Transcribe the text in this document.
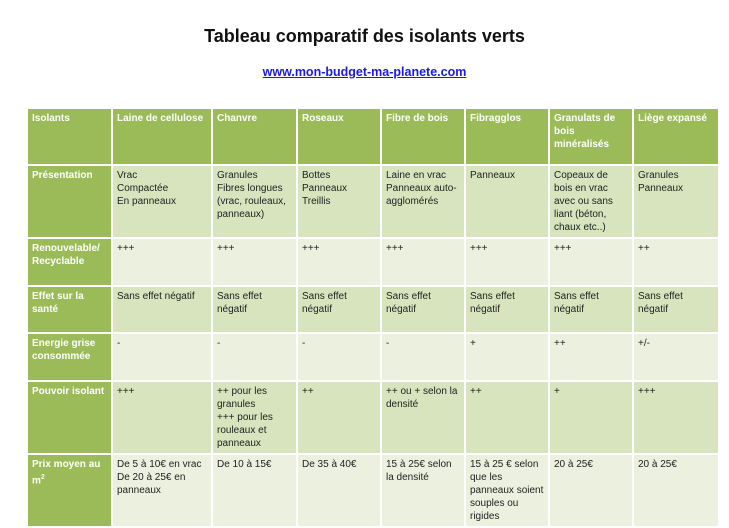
Tableau comparatif des isolants verts
www.mon-budget-ma-planete.com
Isolants	Laine de cellulose	Chanvre	Roseaux	Fibre de bois	Fibragglos	Granulats de bois minéralisés	Liège expansé
Présentation	Vrac
Compactée
En panneaux	Granules
Fibres longues (vrac, rouleaux, panneaux)	Bottes
Panneaux
Treillis	Laine en vrac
Panneaux auto-agglomérés	Panneaux	Copeaux de bois en vrac avec ou sans liant (béton, chaux etc..)	Granules
Panneaux
Renouvelable/ Recyclable	+++	+++	+++	+++	+++	+++	++
Effet sur la santé	Sans effet négatif	Sans effet négatif	Sans effet négatif	Sans effet négatif	Sans effet négatif	Sans effet négatif	Sans effet négatif
Energie grise consommée	-	-	-	-	+	++	+/-
Pouvoir isolant	+++	++ pour les granules
+++ pour les rouleaux et panneaux	++	++ ou + selon la densité	++	+	+++
Prix moyen au $m^2$	De 5 à 10€ en vrac
De 20 à 25€ en panneaux	De 10 à 15€	De 35 à 40€	15 à 25€ selon la densité	15 à 25 € selon que les panneaux soient souples ou rigides	20 à 25€	20 à 25€
